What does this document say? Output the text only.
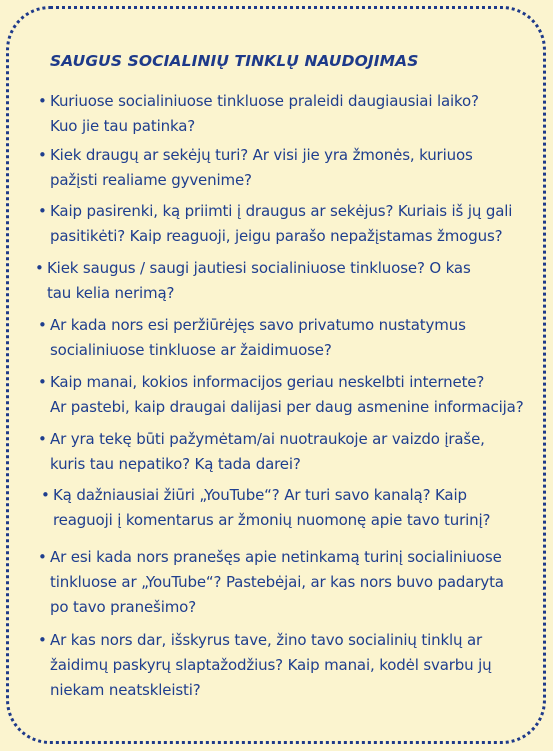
SAUGUS SOCIALINIŲ TINKLŲ NAUDOJIMAS
• Kuriuose socialiniuose tinkluose praleidi daugiausiai laiko?
Kuo jie tau patinka?
• Kiek draugų ar sekėjų turi? Ar visi jie yra žmonės, kuriuos
pažįsti realiame gyvenime?
• Kaip pasirenki, ką priimti į draugus ar sekėjus? Kuriais iš jų gali
pasitikėti? Kaip reaguoji, jeigu parašo nepažįstamas žmogus?
• Kiek saugus / saugi jautiesi socialiniuose tinkluose? O kas
tau kelia nerimą?
• Ar kada nors esi peržiūrėjęs savo privatumo nustatymus
socialiniuose tinkluose ar žaidimuose?
• Kaip manai, kokios informacijos geriau neskelbti internete?
Ar pastebi, kaip draugai dalijasi per daug asmenine informacija?
• Ar yra tekę būti pažymėtam/ai nuotraukoje ar vaizdo įraše,
kuris tau nepatiko? Ką tada darei?
• Ką dažniausiai žiūri „YouTube“? Ar turi savo kanalą? Kaip
reaguoji į komentarus ar žmonių nuomonę apie tavo turinį?
• Ar esi kada nors pranešęs apie netinkamą turinį socialiniuose
tinkluose ar „YouTube“? Pastebėjai, ar kas nors buvo padaryta
po tavo pranešimo?
• Ar kas nors dar, išskyrus tave, žino tavo socialinių tinklų ar
žaidimų paskyrų slaptažodžius? Kaip manai, kodėl svarbu jų
niekam neatskleisti?
